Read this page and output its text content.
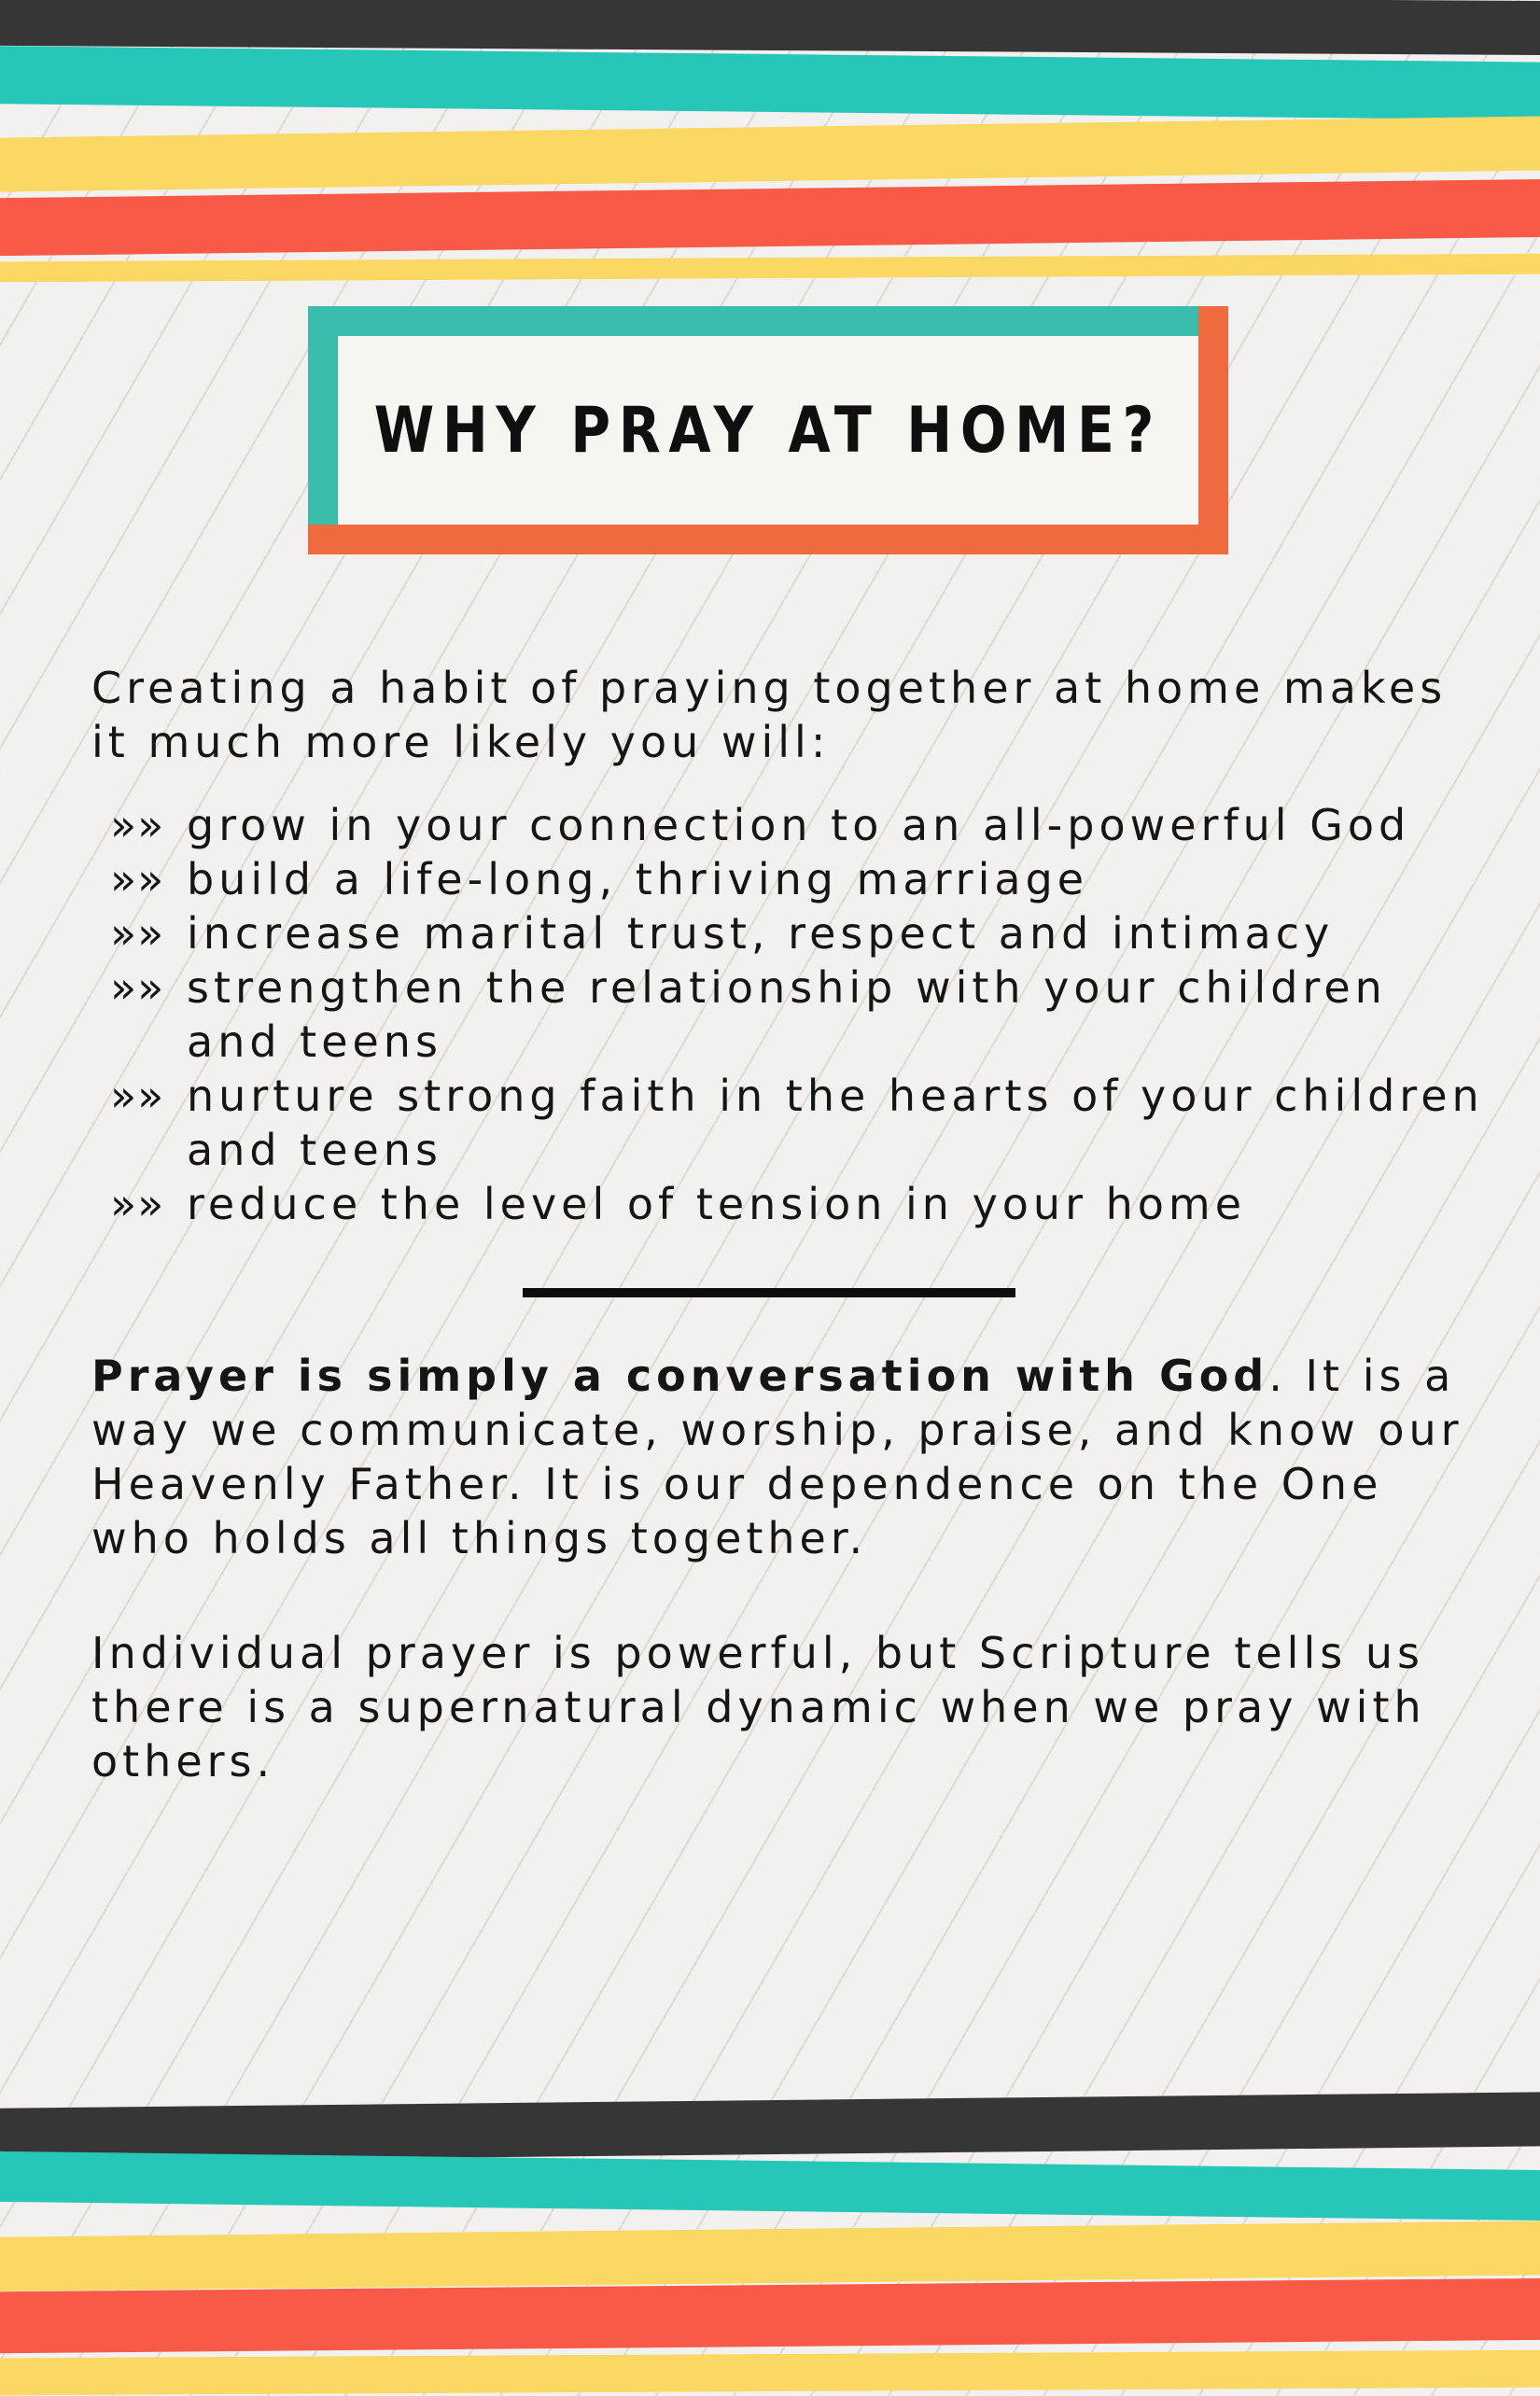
WHY PRAY AT HOME?

Creating a habit of praying together at home makes it much more likely you will:

»» grow in your connection to an all-powerful God
»» build a life-long, thriving marriage
»» increase marital trust, respect and intimacy
»» strengthen the relationship with your children and teens
»» nurture strong faith in the hearts of your children and teens
»» reduce the level of tension in your home

Prayer is simply a conversation with God. It is a way we communicate, worship, praise, and know our Heavenly Father. It is our dependence on the One who holds all things together.

Individual prayer is powerful, but Scripture tells us there is a supernatural dynamic when we pray with others.
